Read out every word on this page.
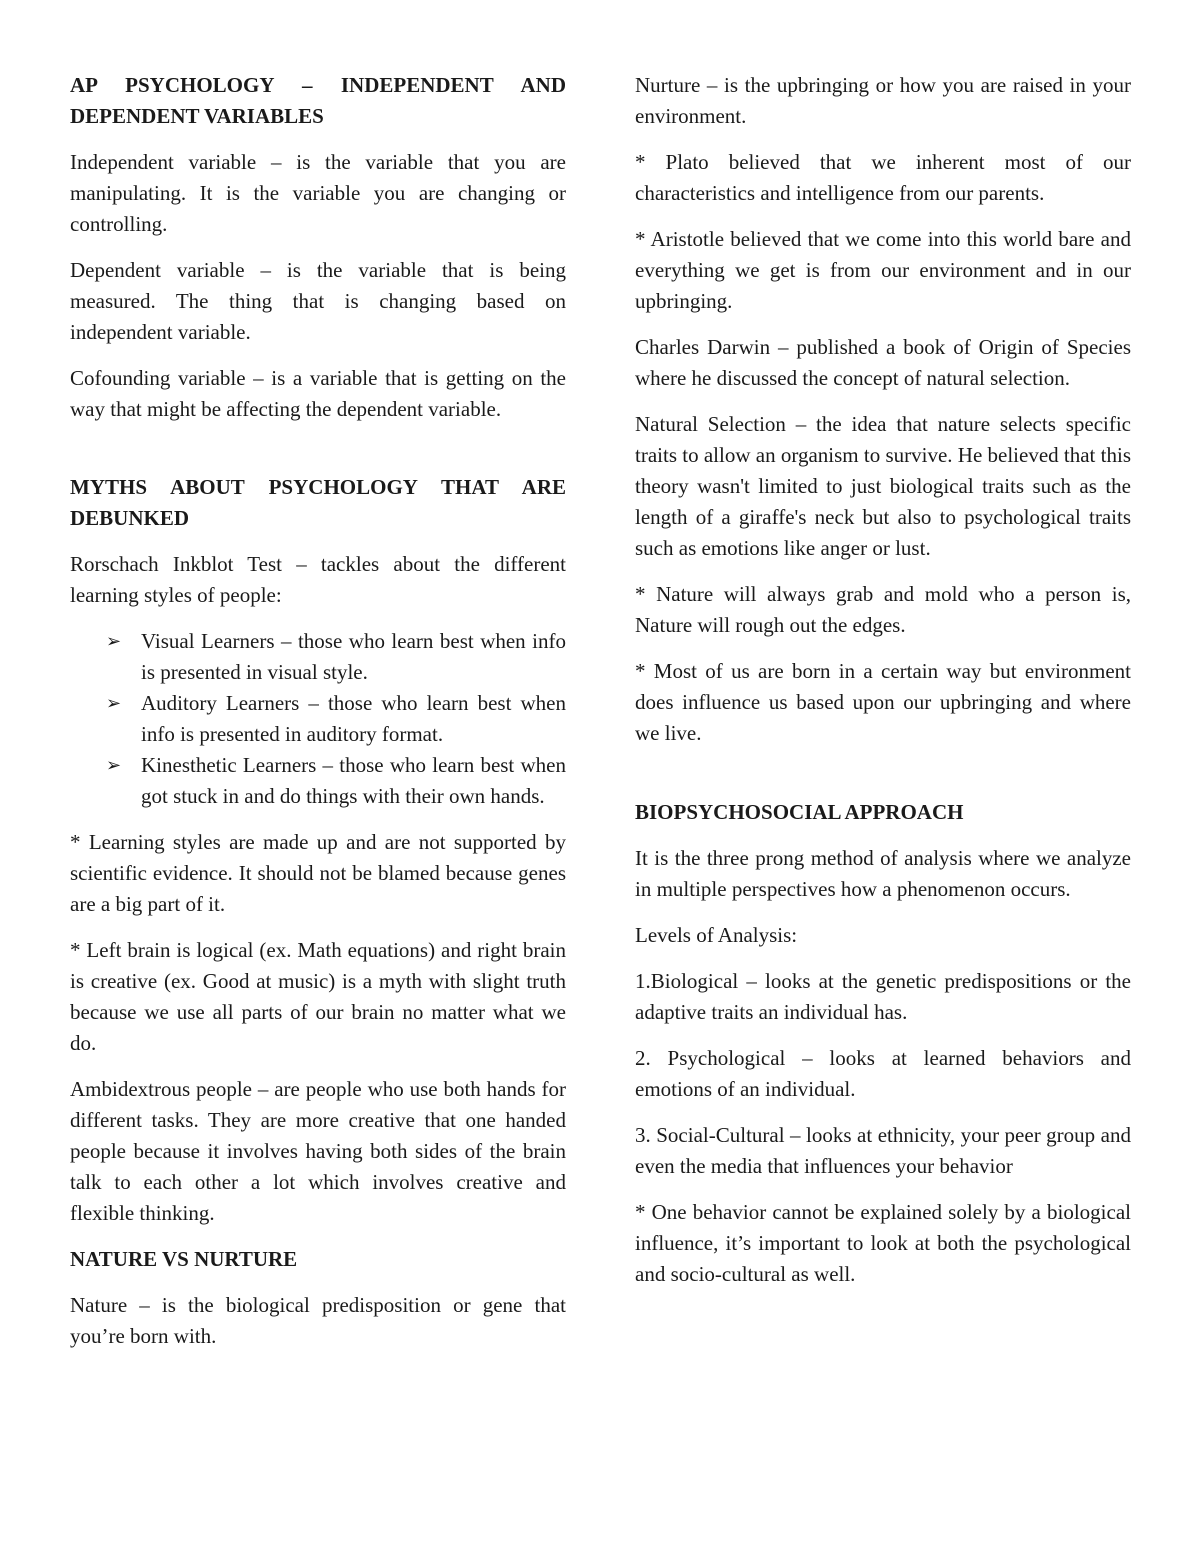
AP PSYCHOLOGY – INDEPENDENT AND DEPENDENT VARIABLES

Independent variable – is the variable that you are manipulating. It is the variable you are changing or controlling.

Dependent variable – is the variable that is being measured. The thing that is changing based on independent variable.

Cofounding variable – is a variable that is getting on the way that might be affecting the dependent variable.

MYTHS ABOUT PSYCHOLOGY THAT ARE DEBUNKED

Rorschach Inkblot Test – tackles about the different learning styles of people:

➢ Visual Learners – those who learn best when info is presented in visual style.
➢ Auditory Learners – those who learn best when info is presented in auditory format.
➢ Kinesthetic Learners – those who learn best when got stuck in and do things with their own hands.

* Learning styles are made up and are not supported by scientific evidence. It should not be blamed because genes are a big part of it.

* Left brain is logical (ex. Math equations) and right brain is creative (ex. Good at music) is a myth with slight truth because we use all parts of our brain no matter what we do.

Ambidextrous people – are people who use both hands for different tasks. They are more creative that one handed people because it involves having both sides of the brain talk to each other a lot which involves creative and flexible thinking.

NATURE VS NURTURE

Nature – is the biological predisposition or gene that you’re born with.

Nurture – is the upbringing or how you are raised in your environment.

* Plato believed that we inherent most of our characteristics and intelligence from our parents.

* Aristotle believed that we come into this world bare and everything we get is from our environment and in our upbringing.

Charles Darwin – published a book of Origin of Species where he discussed the concept of natural selection.

Natural Selection – the idea that nature selects specific traits to allow an organism to survive. He believed that this theory wasn't limited to just biological traits such as the length of a giraffe's neck but also to psychological traits such as emotions like anger or lust.

* Nature will always grab and mold who a person is, Nature will rough out the edges.

* Most of us are born in a certain way but environment does influence us based upon our upbringing and where we live.

BIOPSYCHOSOCIAL APPROACH

It is the three prong method of analysis where we analyze in multiple perspectives how a phenomenon occurs.

Levels of Analysis:

1.Biological – looks at the genetic predispositions or the adaptive traits an individual has.

2. Psychological – looks at learned behaviors and emotions of an individual.

3. Social-Cultural – looks at ethnicity, your peer group and even the media that influences your behavior

* One behavior cannot be explained solely by a biological influence, it’s important to look at both the psychological and socio-cultural as well.
